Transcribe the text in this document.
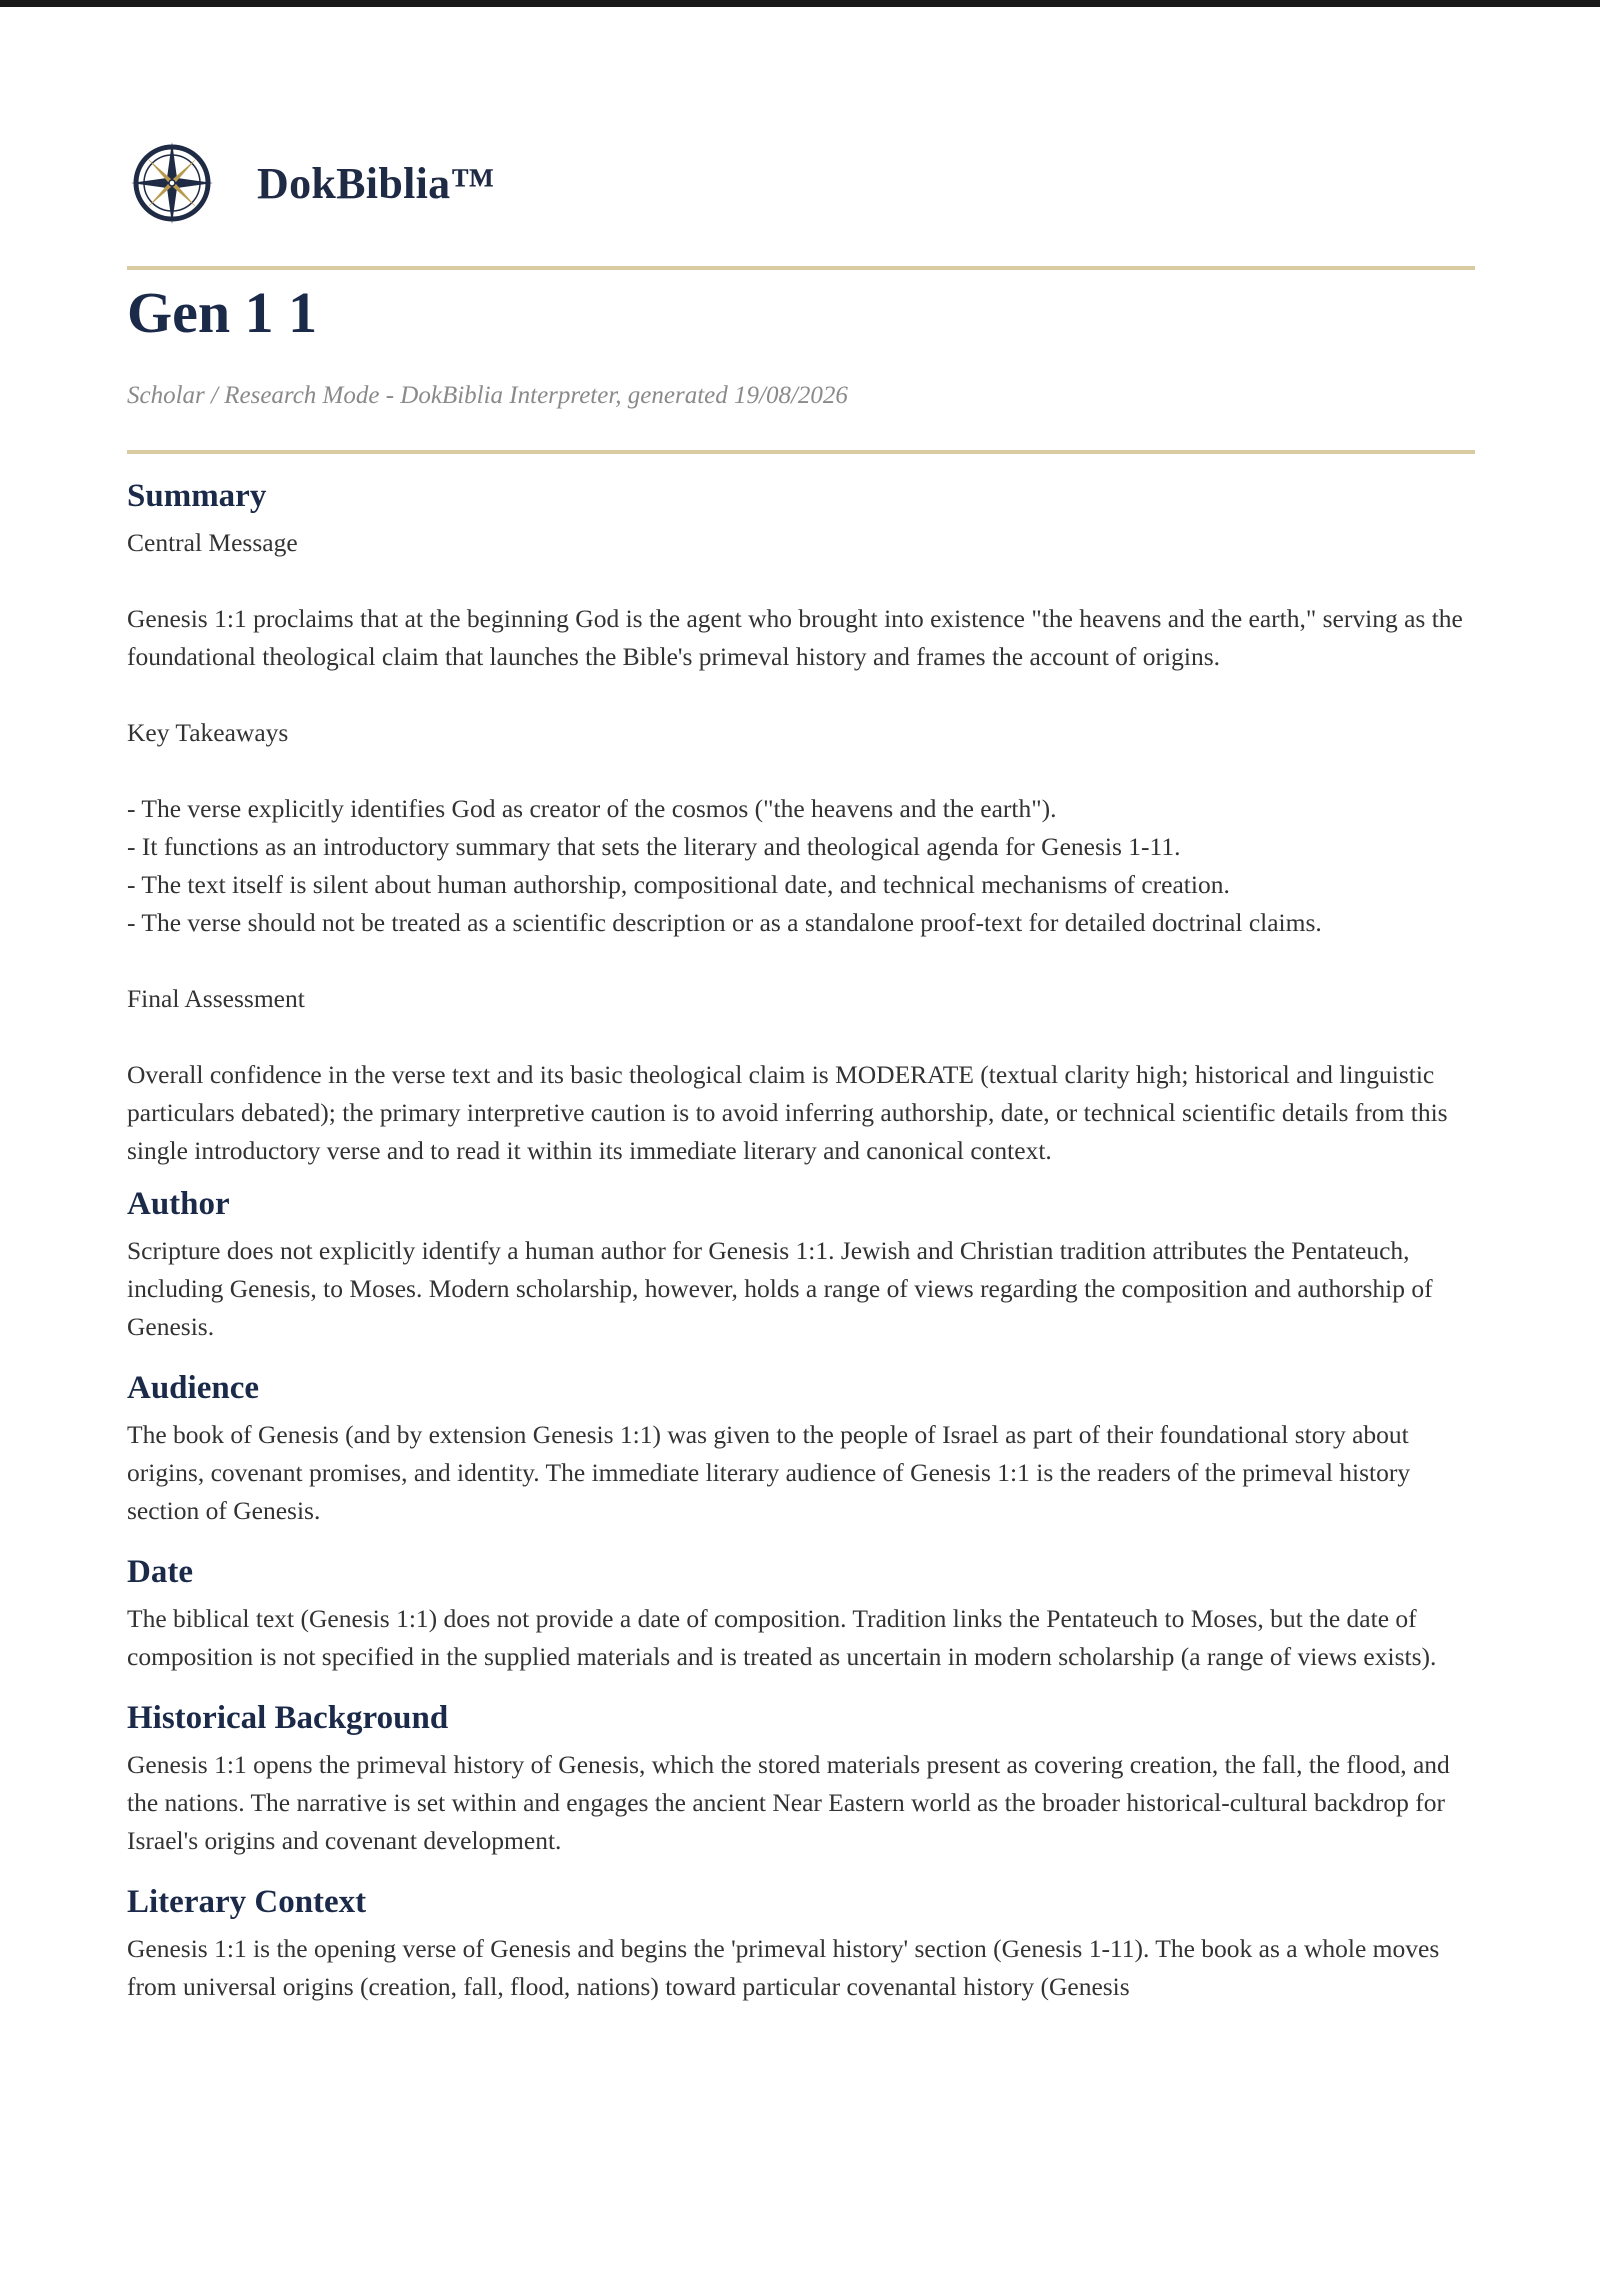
DokBiblia™
Gen 1 1
Scholar / Research Mode - DokBiblia Interpreter, generated 19/08/2026
Summary
Central Message

Genesis 1:1 proclaims that at the beginning God is the agent who brought into existence "the heavens and the earth," serving as the foundational theological claim that launches the Bible's primeval history and frames the account of origins.

Key Takeaways
- The verse explicitly identifies God as creator of the cosmos ("the heavens and the earth").
- It functions as an introductory summary that sets the literary and theological agenda for Genesis 1-11.
- The text itself is silent about human authorship, compositional date, and technical mechanisms of creation.
- The verse should not be treated as a scientific description or as a standalone proof-text for detailed doctrinal claims.
Final Assessment

Overall confidence in the verse text and its basic theological claim is MODERATE (textual clarity high; historical and linguistic particulars debated); the primary interpretive caution is to avoid inferring authorship, date, or technical scientific details from this single introductory verse and to read it within its immediate literary and canonical context.

Author

Scripture does not explicitly identify a human author for Genesis 1:1. Jewish and Christian tradition attributes the Pentateuch, including Genesis, to Moses. Modern scholarship, however, holds a range of views regarding the composition and authorship of Genesis.

Audience

The book of Genesis (and by extension Genesis 1:1) was given to the people of Israel as part of their foundational story about origins, covenant promises, and identity. The immediate literary audience of Genesis 1:1 is the readers of the primeval history section of Genesis.

Date

The biblical text (Genesis 1:1) does not provide a date of composition. Tradition links the Pentateuch to Moses, but the date of composition is not specified in the supplied materials and is treated as uncertain in modern scholarship (a range of views exists).

Historical Background

Genesis 1:1 opens the primeval history of Genesis, which the stored materials present as covering creation, the fall, the flood, and the nations. The narrative is set within and engages the ancient Near Eastern world as the broader historical-cultural backdrop for Israel's origins and covenant development.

Literary Context

Genesis 1:1 is the opening verse of Genesis and begins the 'primeval history' section (Genesis 1-11). The book as a whole moves from universal origins (creation, fall, flood, nations) toward particular covenantal history (Genesis
